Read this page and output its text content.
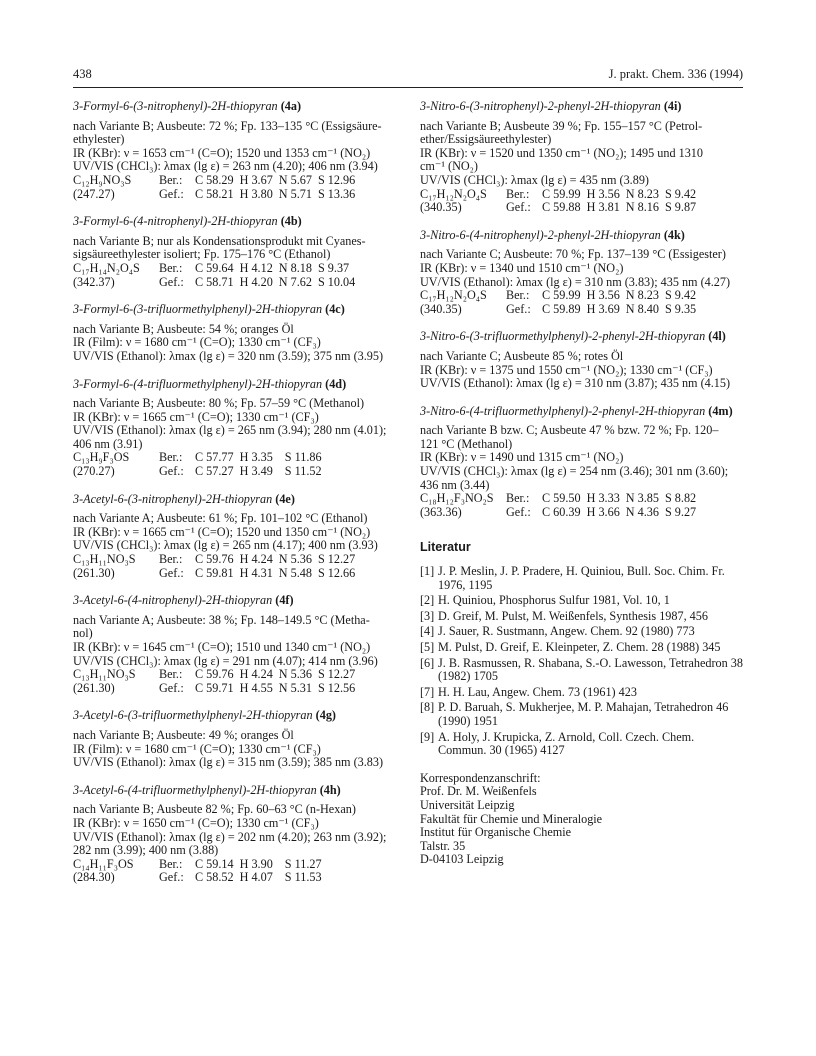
438	J. prakt. Chem. 336 (1994)
3-Formyl-6-(3-nitrophenyl)-2H-thiopyran (4a)
nach Variante B; Ausbeute: 72 %; Fp. 133–135 °C (Essigsäure-
ethylester)
IR (KBr): ν = 1653 cm⁻¹ (C=O); 1520 und 1353 cm⁻¹ (NO₂)
UV/VIS (CHCl₃): λmax (lg ε) = 263 nm (4.20); 406 nm (3.94)
C₁₂H₉NO₃S	Ber.:	C 58.29	H 3.67	N 5.67	S 12.96
(247.27)	Gef.:	C 58.21	H 3.80	N 5.71	S 13.36
3-Formyl-6-(4-nitrophenyl)-2H-thiopyran (4b)
nach Variante B; nur als Kondensationsprodukt mit Cyanes-
sigsäureethylester isoliert; Fp. 175–176 °C (Ethanol)
C₁₇H₁₄N₂O₄S	Ber.:	C 59.64	H 4.12	N 8.18	S 9.37
(342.37)	Gef.:	C 58.71	H 4.20	N 7.62	S 10.04
3-Formyl-6-(3-trifluormethylphenyl)-2H-thiopyran (4c)
nach Variante B; Ausbeute: 54 %; oranges Öl
IR (Film): ν = 1680 cm⁻¹ (C=O); 1330 cm⁻¹ (CF₃)
UV/VIS (Ethanol): λmax (lg ε) = 320 nm (3.59); 375 nm (3.95)
3-Formyl-6-(4-trifluormethylphenyl)-2H-thiopyran (4d)
nach Variante B; Ausbeute: 80 %; Fp. 57–59 °C (Methanol)
IR (KBr): ν = 1665 cm⁻¹ (C=O); 1330 cm⁻¹ (CF₃)
UV/VIS (Ethanol): λmax (lg ε) = 265 nm (3.94); 280 nm (4.01);
406 nm (3.91)
C₁₃H₉F₃OS	Ber.:	C 57.77	H 3.35		S 11.86
(270.27)	Gef.:	C 57.27	H 3.49		S 11.52
3-Acetyl-6-(3-nitrophenyl)-2H-thiopyran (4e)
nach Variante A; Ausbeute: 61 %; Fp. 101–102 °C (Ethanol)
IR (KBr): ν = 1665 cm⁻¹ (C=O); 1520 und 1350 cm⁻¹ (NO₂)
UV/VIS (CHCl₃): λmax (lg ε) = 265 nm (4.17); 400 nm (3.93)
C₁₃H₁₁NO₃S	Ber.:	C 59.76	H 4.24	N 5.36	S 12.27
(261.30)	Gef.:	C 59.81	H 4.31	N 5.48	S 12.66
3-Acetyl-6-(4-nitrophenyl)-2H-thiopyran (4f)
nach Variante A; Ausbeute: 38 %; Fp. 148–149.5 °C (Metha-
nol)
IR (KBr): ν = 1645 cm⁻¹ (C=O); 1510 und 1340 cm⁻¹ (NO₂)
UV/VIS (CHCl₃): λmax (lg ε) = 291 nm (4.07); 414 nm (3.96)
C₁₃H₁₁NO₃S	Ber.:	C 59.76	H 4.24	N 5.36	S 12.27
(261.30)	Gef.:	C 59.71	H 4.55	N 5.31	S 12.56
3-Acetyl-6-(3-trifluormethylphenyl-2H-thiopyran (4g)
nach Variante B; Ausbeute: 49 %; oranges Öl
IR (Film): ν = 1680 cm⁻¹ (C=O); 1330 cm⁻¹ (CF₃)
UV/VIS (Ethanol): λmax (lg ε) = 315 nm (3.59); 385 nm (3.83)
3-Acetyl-6-(4-trifluormethylphenyl)-2H-thiopyran (4h)
nach Variante B; Ausbeute 82 %; Fp. 60–63 °C (n-Hexan)
IR (KBr): ν = 1650 cm⁻¹ (C=O); 1330 cm⁻¹ (CF₃)
UV/VIS (Ethanol): λmax (lg ε) = 202 nm (4.20); 263 nm (3.92);
282 nm (3.99); 400 nm (3.88)
C₁₄H₁₁F₃OS	Ber.:	C 59.14	H 3.90		S 11.27
(284.30)	Gef.:	C 58.52	H 4.07		S 11.53
3-Nitro-6-(3-nitrophenyl)-2-phenyl-2H-thiopyran (4i)
nach Variante B; Ausbeute 39 %; Fp. 155–157 °C (Petrol-
ether/Essigsäureethylester)
IR (KBr): ν = 1520 und 1350 cm⁻¹ (NO₂); 1495 und 1310
cm⁻¹ (NO₂)
UV/VIS (CHCl₃): λmax (lg ε) = 435 nm (3.89)
C₁₇H₁₂N₂O₄S	Ber.:	C 59.99	H 3.56	N 8.23	S 9.42
(340.35)	Gef.:	C 59.88	H 3.81	N 8.16	S 9.87
3-Nitro-6-(4-nitrophenyl)-2-phenyl-2H-thiopyran (4k)
nach Variante C; Ausbeute: 70 %; Fp. 137–139 °C (Essigester)
IR (KBr): ν = 1340 und 1510 cm⁻¹ (NO₂)
UV/VIS (Ethanol): λmax (lg ε) = 310 nm (3.83); 435 nm (4.27)
C₁₇H₁₂N₂O₄S	Ber.:	C 59.99	H 3.56	N 8.23	S 9.42
(340.35)	Gef.:	C 59.89	H 3.69	N 8.40	S 9.35
3-Nitro-6-(3-trifluormethylphenyl)-2-phenyl-2H-thiopyran (4l)
nach Variante C; Ausbeute 85 %; rotes Öl
IR (KBr): ν = 1375 und 1550 cm⁻¹ (NO₂); 1330 cm⁻¹ (CF₃)
UV/VIS (Ethanol): λmax (lg ε) = 310 nm (3.87); 435 nm (4.15)
3-Nitro-6-(4-trifluormethylphenyl)-2-phenyl-2H-thiopyran (4m)
nach Variante B bzw. C; Ausbeute 47 % bzw. 72 %; Fp. 120–
121 °C (Methanol)
IR (KBr): ν = 1490 und 1315 cm⁻¹ (NO₂)
UV/VIS (CHCl₃): λmax (lg ε) = 254 nm (3.46); 301 nm (3.60);
436 nm (3.44)
C₁₈H₁₂F₃NO₂S	Ber.:	C 59.50	H 3.33	N 3.85	S 8.82
(363.36)	Gef.:	C 60.39	H 3.66	N 4.36	S 9.27
Literatur
[1] J. P. Meslin, J. P. Pradere, H. Quiniou, Bull. Soc. Chim. Fr. 1976, 1195
[2] H. Quiniou, Phosphorus Sulfur 1981, Vol. 10, 1
[3] D. Greif, M. Pulst, M. Weißenfels, Synthesis 1987, 456
[4] J. Sauer, R. Sustmann, Angew. Chem. 92 (1980) 773
[5] M. Pulst, D. Greif, E. Kleinpeter, Z. Chem. 28 (1988) 345
[6] J. B. Rasmussen, R. Shabana, S.-O. Lawesson, Tetrahedron 38 (1982) 1705
[7] H. H. Lau, Angew. Chem. 73 (1961) 423
[8] P. D. Baruah, S. Mukherjee, M. P. Mahajan, Tetrahedron 46 (1990) 1951
[9] A. Holy, J. Krupicka, Z. Arnold, Coll. Czech. Chem. Commun. 30 (1965) 4127
Korrespondenzanschrift:
Prof. Dr. M. Weißenfels
Universität Leipzig
Fakultät für Chemie und Mineralogie
Institut für Organische Chemie
Talstr. 35
D-04103 Leipzig
